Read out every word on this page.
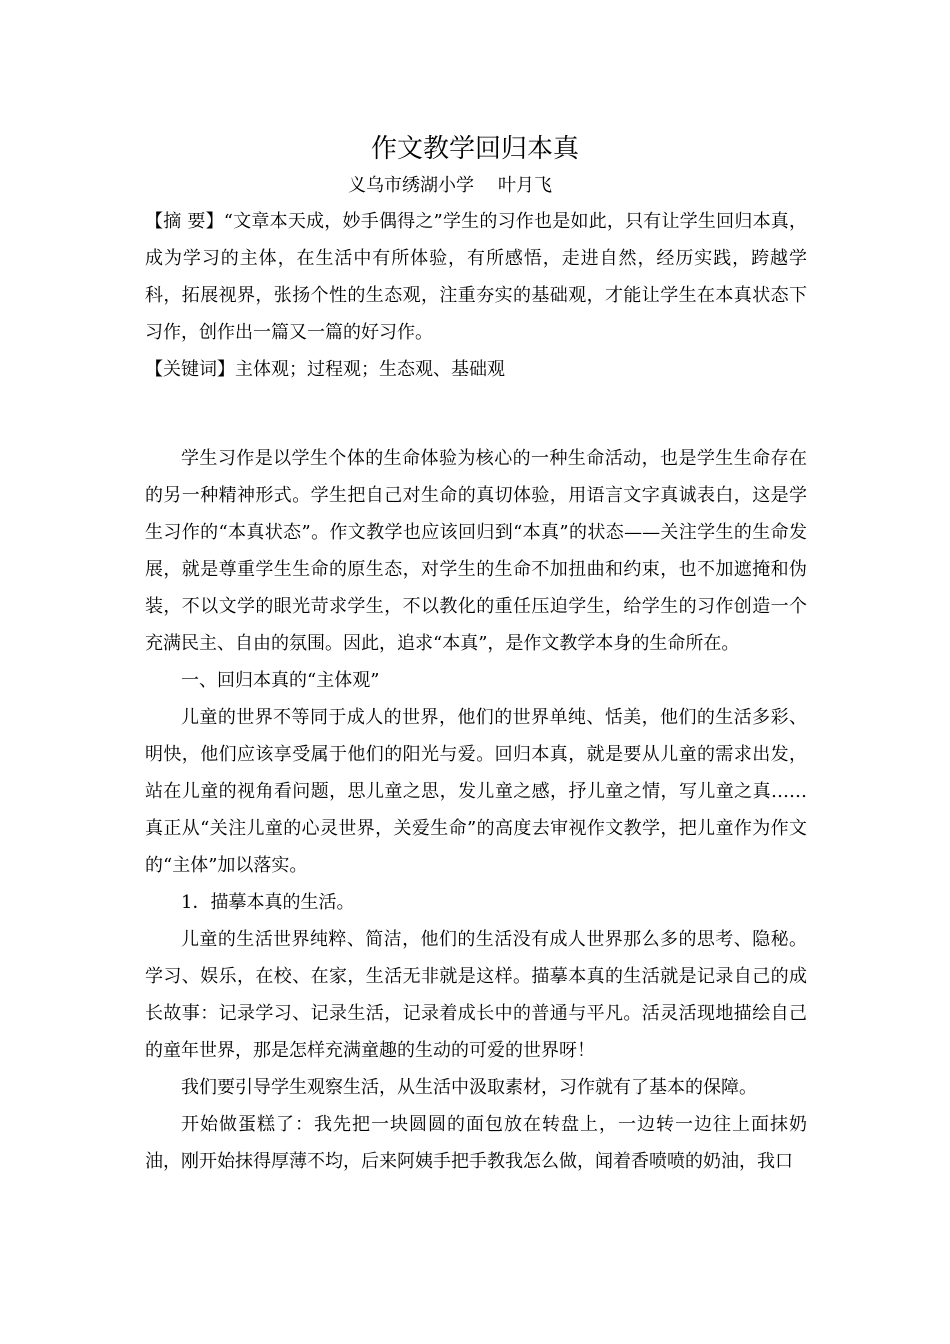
作文教学回归本真
义乌市绣湖小学 叶月飞

【摘 要】“文章本天成，妙手偶得之”学生的习作也是如此，只有让学生回归本真，成为学习的主体，在生活中有所体验，有所感悟，走进自然，经历实践，跨越学科，拓展视界，张扬个性的生态观，注重夯实的基础观，才能让学生在本真状态下习作，创作出一篇又一篇的好习作。

【关键词】主体观；过程观；生态观、基础观

学生习作是以学生个体的生命体验为核心的一种生命活动，也是学生生命存在的另一种精神形式。学生把自己对生命的真切体验，用语言文字真诚表白，这是学生习作的“本真状态”。作文教学也应该回归到“本真”的状态——关注学生的生命发展，就是尊重学生生命的原生态，对学生的生命不加扭曲和约束，也不加遮掩和伪装，不以文学的眼光苛求学生，不以教化的重任压迫学生，给学生的习作创造一个充满民主、自由的氛围。因此，追求“本真”，是作文教学本身的生命所在。

一、回归本真的“主体观”

儿童的世界不等同于成人的世界，他们的世界单纯、恬美，他们的生活多彩、明快，他们应该享受属于他们的阳光与爱。回归本真，就是要从儿童的需求出发，站在儿童的视角看问题，思儿童之思，发儿童之感，抒儿童之情，写儿童之真……真正从“关注儿童的心灵世界，关爱生命”的高度去审视作文教学，把儿童作为作文的“主体”加以落实。

1．描摹本真的生活。

儿童的生活世界纯粹、简洁，他们的生活没有成人世界那么多的思考、隐秘。学习、娱乐，在校、在家，生活无非就是这样。描摹本真的生活就是记录自己的成长故事：记录学习、记录生活，记录着成长中的普通与平凡。活灵活现地描绘自己的童年世界，那是怎样充满童趣的生动的可爱的世界呀！

我们要引导学生观察生活，从生活中汲取素材，习作就有了基本的保障。

开始做蛋糕了：我先把一块圆圆的面包放在转盘上，一边转一边往上面抹奶油，刚开始抹得厚薄不均，后来阿姨手把手教我怎么做，闻着香喷喷的奶油，我口
